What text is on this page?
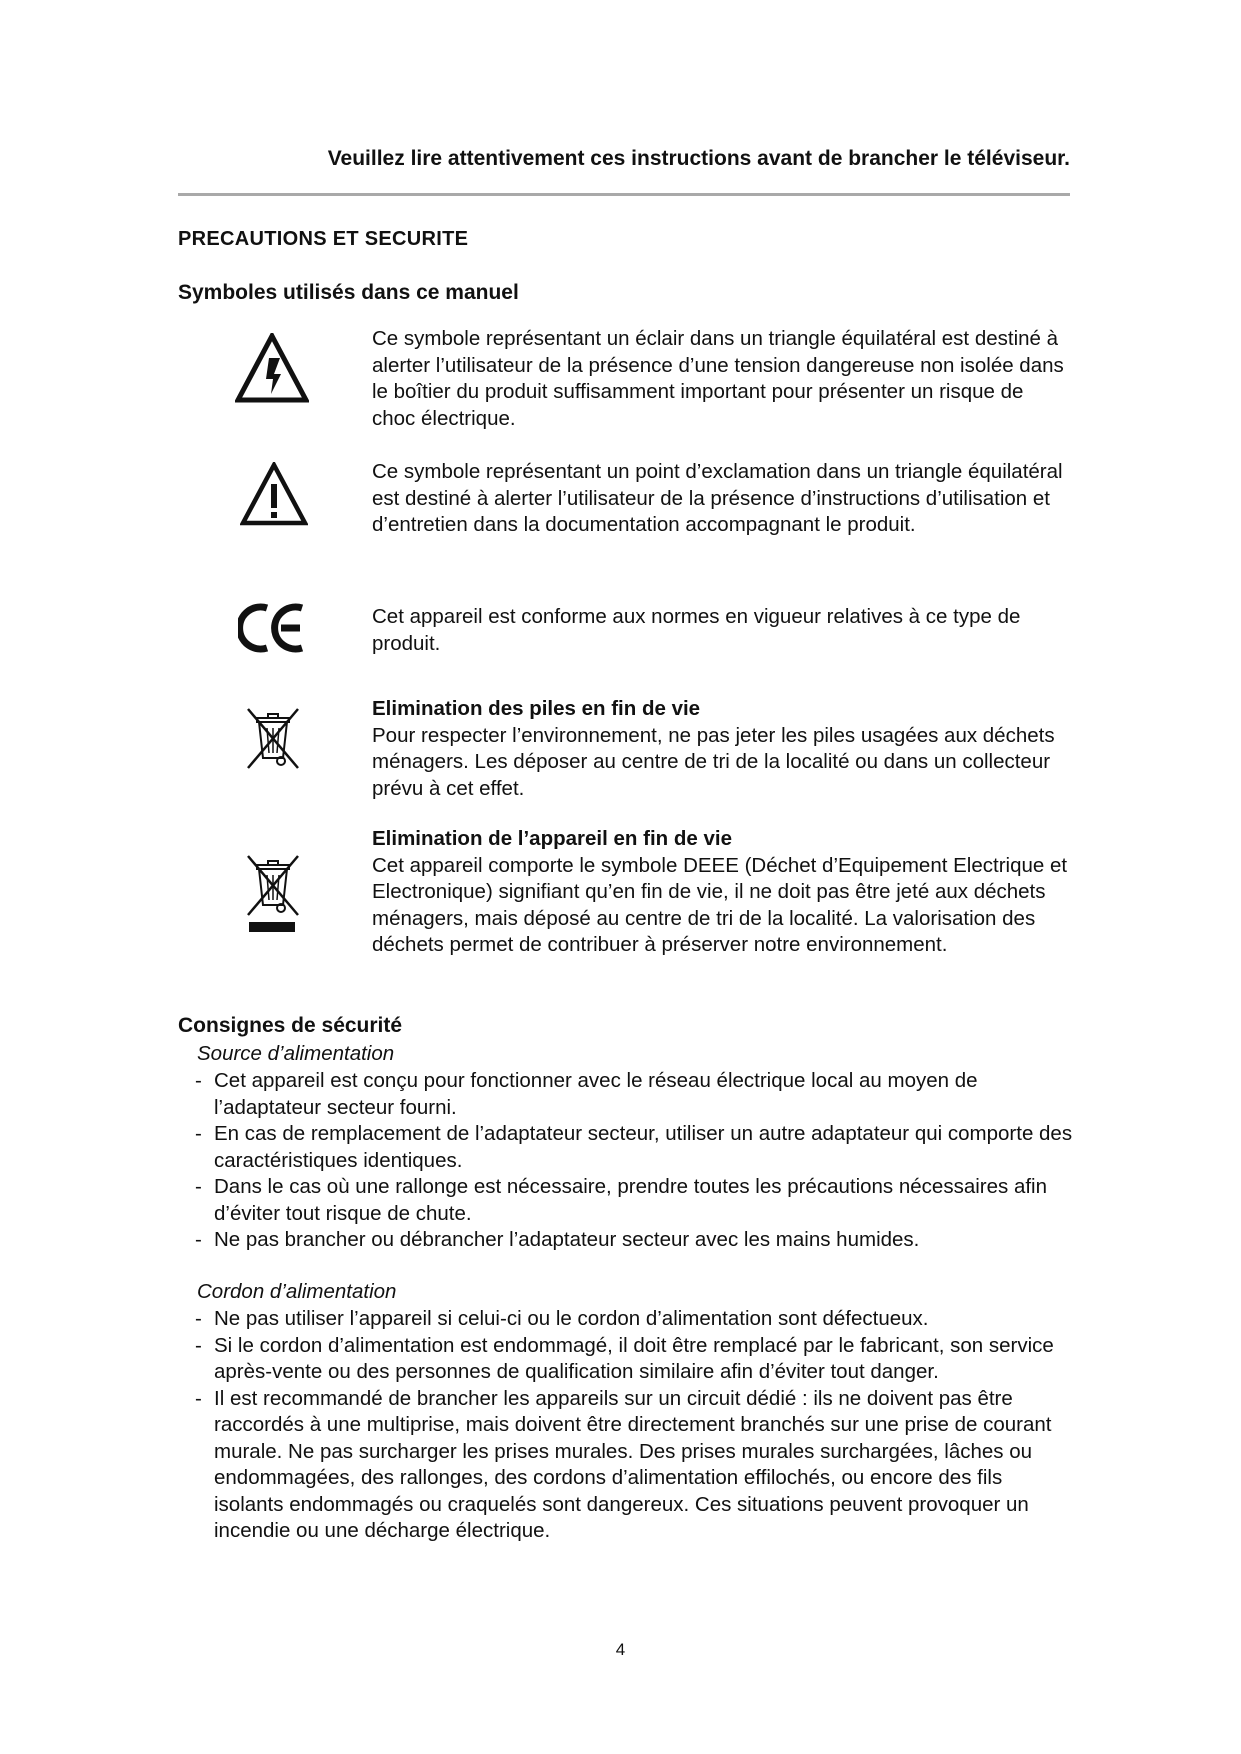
Veuillez lire attentivement ces instructions avant de brancher le téléviseur.
PRECAUTIONS ET SECURITE
Symboles utilisés dans ce manuel

Ce symbole représentant un éclair dans un triangle équilatéral est destiné à alerter l’utilisateur de la présence d’une tension dangereuse non isolée dans le boîtier du produit suffisamment important pour présenter un risque de choc électrique.

Ce symbole représentant un point d’exclamation dans un triangle équilatéral est destiné à alerter l’utilisateur de la présence d’instructions d’utilisation et d’entretien dans la documentation accompagnant le produit.

Cet appareil est conforme aux normes en vigueur relatives à ce type de produit.

Elimination des piles en fin de vie

Pour respecter l’environnement, ne pas jeter les piles usagées aux déchets ménagers. Les déposer au centre de tri de la localité ou dans un collecteur prévu à cet effet.

Elimination de l’appareil en fin de vie

Cet appareil comporte le symbole DEEE (Déchet d’Equipement Electrique et Electronique) signifiant qu’en fin de vie, il ne doit pas être jeté aux déchets ménagers, mais déposé au centre de tri de la localité. La valorisation des déchets permet de contribuer à préserver notre environnement.

Consignes de sécurité
Source d’alimentation
- Cet appareil est conçu pour fonctionner avec le réseau électrique local au moyen de l’adaptateur secteur fourni.
- En cas de remplacement de l’adaptateur secteur, utiliser un autre adaptateur qui comporte des caractéristiques identiques.
- Dans le cas où une rallonge est nécessaire, prendre toutes les précautions nécessaires afin d’éviter tout risque de chute.
- Ne pas brancher ou débrancher l’adaptateur secteur avec les mains humides.
Cordon d’alimentation
- Ne pas utiliser l’appareil si celui-ci ou le cordon d’alimentation sont défectueux.
- Si le cordon d’alimentation est endommagé, il doit être remplacé par le fabricant, son service après-vente ou des personnes de qualification similaire afin d’éviter tout danger.
- Il est recommandé de brancher les appareils sur un circuit dédié : ils ne doivent pas être raccordés à une multiprise, mais doivent être directement branchés sur une prise de courant murale. Ne pas surcharger les prises murales. Des prises murales surchargées, lâches ou endommagées, des rallonges, des cordons d’alimentation effilochés, ou encore des fils isolants endommagés ou craquelés sont dangereux. Ces situations peuvent provoquer un incendie ou une décharge électrique.
4
